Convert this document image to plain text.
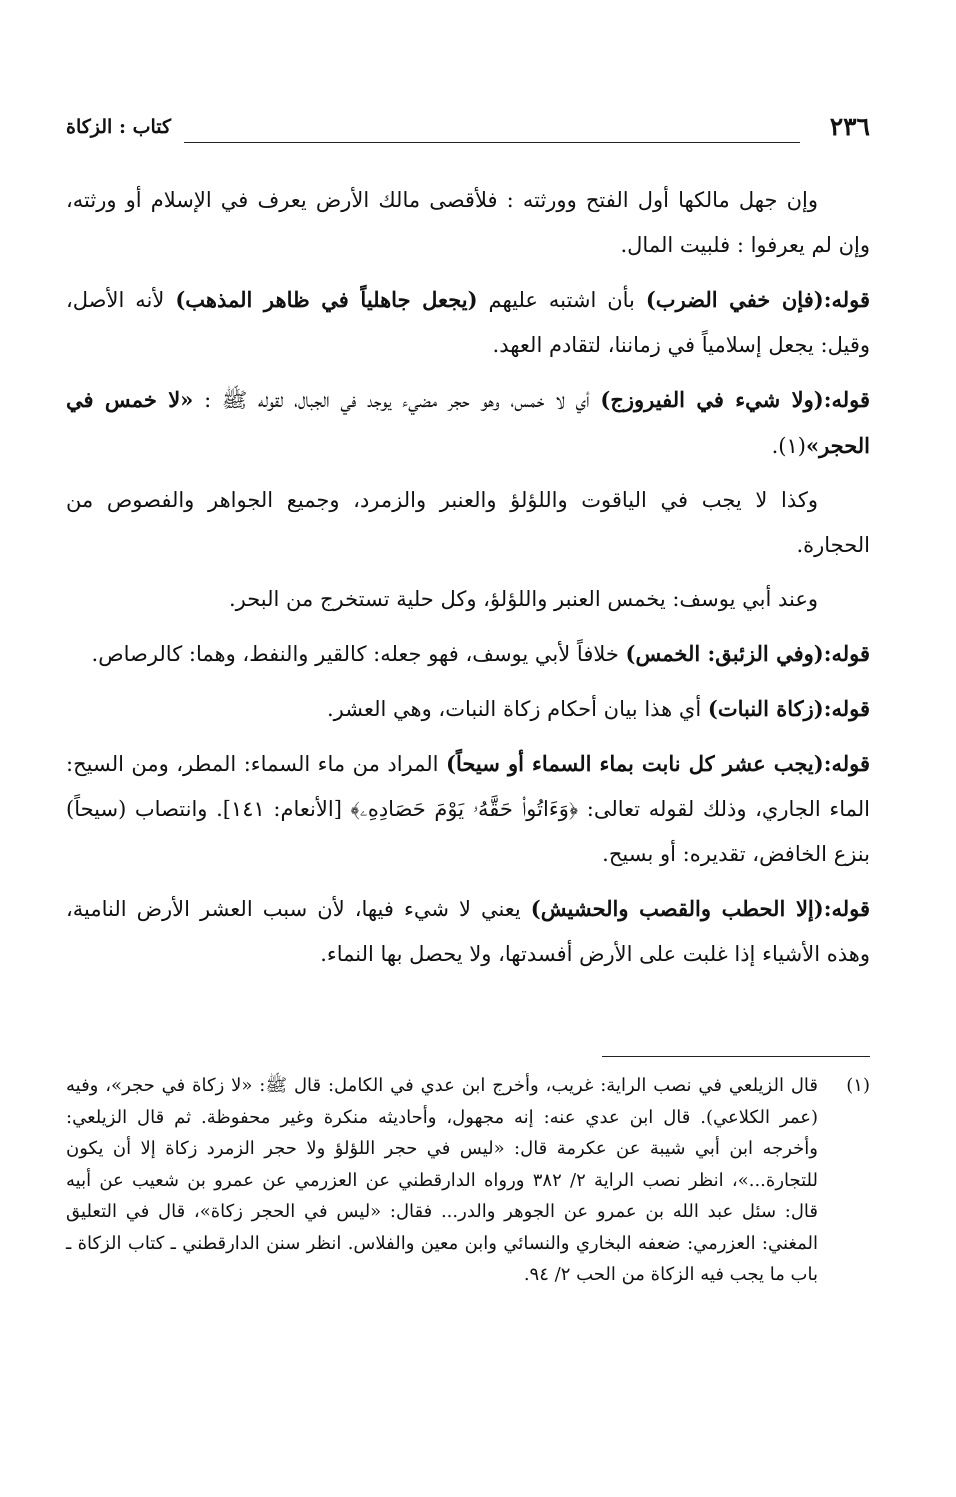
٢٣٦
كتاب : الزكاة

وإن جهل مالكها أول الفتح وورثته : فلأقصى مالك الأرض يعرف في الإسلام أو ورثته، وإن لم يعرفوا : فلبيت المال.

قوله:(فإن خفي الضرب) بأن اشتبه عليهم (يجعل جاهلياً في ظاهر المذهب) لأنه الأصل، وقيل: يجعل إسلامياً في زماننا، لتقادم العهد.

قوله:(ولا شيء في الفيروزج) أي لا خمس، وهو حجر مضيء يوجد في الجبال، لقوله ﷺ : «لا خمس في الحجر»(١).

وكذا لا يجب في الياقوت واللؤلؤ والعنبر والزمرد، وجميع الجواهر والفصوص من الحجارة.

وعند أبي يوسف: يخمس العنبر واللؤلؤ، وكل حلية تستخرج من البحر.

قوله:(وفي الزئبق: الخمس) خلافاً لأبي يوسف، فهو جعله: كالقير والنفط، وهما: كالرصاص.

قوله:(زكاة النبات) أي هذا بيان أحكام زكاة النبات، وهي العشر.

قوله:(يجب عشر كل نابت بماء السماء أو سيحاً) المراد من ماء السماء: المطر، ومن السيح: الماء الجاري، وذلك لقوله تعالى: ﴿وَءَاتُوا۟ حَقَّهُۥ يَوْمَ حَصَادِهِۦ﴾ [الأنعام: ١٤١]. وانتصاب (سيحاً) بنزع الخافض، تقديره: أو بسيح.

قوله:(إلا الحطب والقصب والحشيش) يعني لا شيء فيها، لأن سبب العشر الأرض النامية، وهذه الأشياء إذا غلبت على الأرض أفسدتها، ولا يحصل بها النماء.

(١)
قال الزيلعي في نصب الراية: غريب، وأخرج ابن عدي في الكامل: قال ﷺ: «لا زكاة في حجر»، وفيه (عمر الكلاعي). قال ابن عدي عنه: إنه مجهول، وأحاديثه منكرة وغير محفوظة. ثم قال الزيلعي: وأخرجه ابن أبي شيبة عن عكرمة قال: «ليس في حجر اللؤلؤ ولا حجر الزمرد زكاة إلا أن يكون للتجارة...»، انظر نصب الراية ٢/ ٣٨٢ ورواه الدارقطني عن العزرمي عن عمرو بن شعيب عن أبيه قال: سئل عبد الله بن عمرو عن الجوهر والدر... فقال: «ليس في الحجر زكاة»، قال في التعليق المغني: العزرمي: ضعفه البخاري والنسائي وابن معين والفلاس. انظر سنن الدارقطني ـ كتاب الزكاة ـ باب ما يجب فيه الزكاة من الحب ٢/ ٩٤.
